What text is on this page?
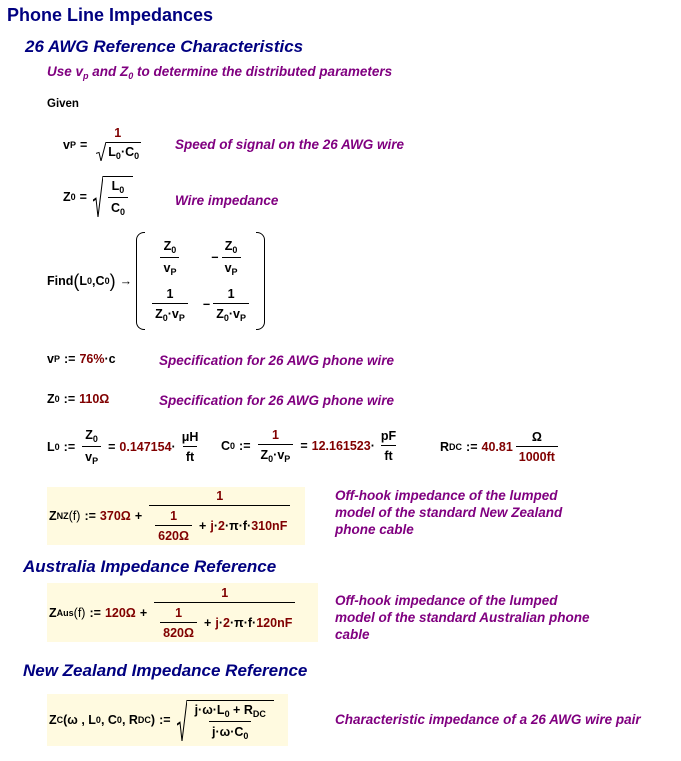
Phone Line Impedances
26 AWG Reference Characteristics
Use $v_p$ and $Z_0$ to determine the distributed parameters
Given
v P =
1
$L_0\cdot C_0$
Speed of signal on the 26 AWG wire
Z $0 = \frac{L_0}{C_0}$	Wire impedance
Find ( L 0 , C 0 ) →
$\frac{Z_0}{v_P}$	− $\frac{Z_0}{v_P}$
$\frac{1}{Z_0\cdot v_P} - \frac{1}{Z_0\cdot v_P}$
v P := 76% · c	Specification for 26 AWG phone wire
Z 0 := 110Ω	Specification for 26 AWG phone wire
L 0 := $\frac{Z_0}{v_P} = 0.147154 \cdot \frac{\mu H}{ft}$ C 0 := $\frac{1}{Z_0\cdot v_P} = 12.161523 \cdot \frac{pF}{ft}$	R DC := $40.81 \frac{\Omega}{1000ft}$
Z NZ (f) := $370\Omega + \frac{1}{\frac{1}{620\Omega} + j \cdot 2 \cdot \pi \cdot f \cdot 310nF}$	Off-hook impedance of the lumped
model of the standard New Zealand
phone cable
Australia Impedance Reference
Z Aus (f) := $120\Omega + \frac{1}{\frac{1}{820\Omega} + j \cdot 2 \cdot \pi \cdot f \cdot 120nF}$	Off-hook impedance of the lumped
model of the standard Australian phone
cable
New Zealand Impedance Reference
Z C (ω , L 0 , C 0 , R DC ) := $\frac{j\cdot\omega\cdot L_0 + R_{DC}}{j\cdot\omega\cdot C_0}$	Characteristic impedance of a 26 AWG wire pair
